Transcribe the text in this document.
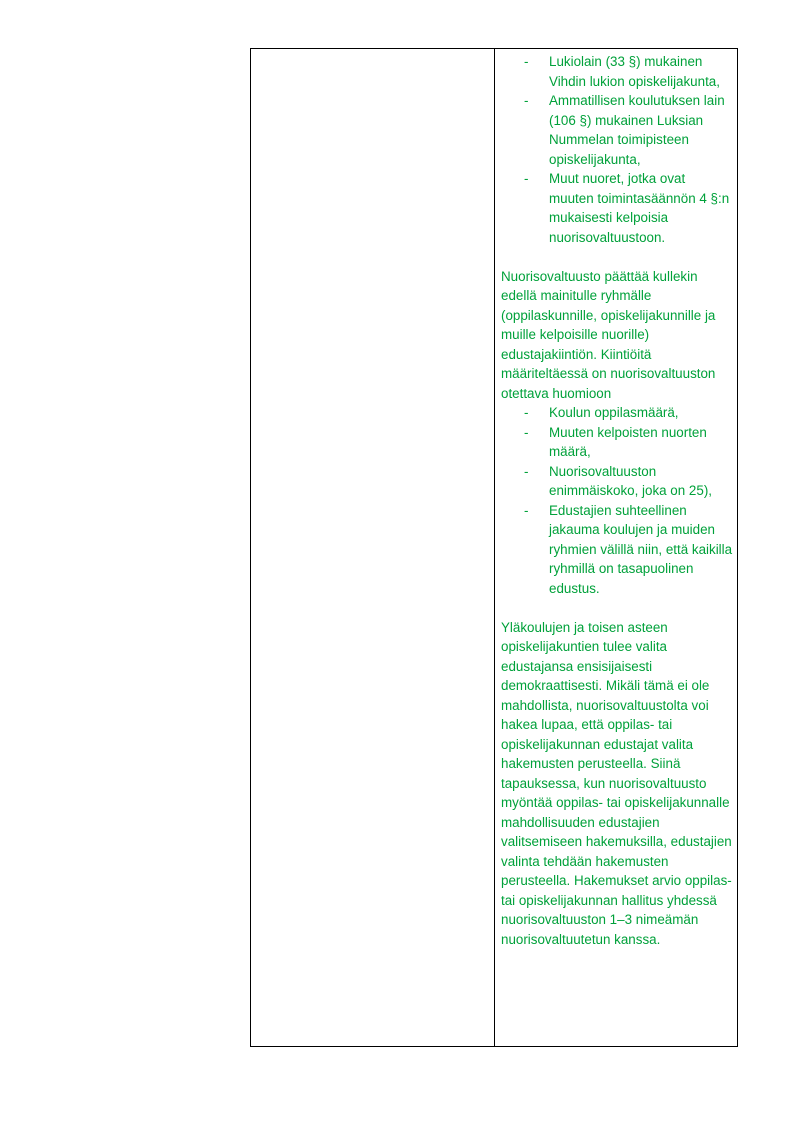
- Lukiolain (33 §) mukainen Vihdin lukion opiskelijakunta,
- Ammatillisen koulutuksen lain (106 §) mukainen Luksian Nummelan toimipisteen opiskelijakunta,
- Muut nuoret, jotka ovat muuten toimintasäännön 4 §:n mukaisesti kelpoisia nuorisovaltuustoon.

Nuorisovaltuusto päättää kullekin edellä mainitulle ryhmälle (oppilaskunnille, opiskelijakunnille ja muille kelpoisille nuorille) edustajakiintiön. Kiintiöitä määriteltäessä on nuorisovaltuuston otettava huomioon

- Koulun oppilasmäärä,
- Muuten kelpoisten nuorten määrä,
- Nuorisovaltuuston enimmäiskoko, joka on 25),
- Edustajien suhteellinen jakauma koulujen ja muiden ryhmien välillä niin, että kaikilla ryhmillä on tasapuolinen edustus.

Yläkoulujen ja toisen asteen opiskelijakuntien tulee valita edustajansa ensisijaisesti demokraattisesti. Mikäli tämä ei ole mahdollista, nuorisovaltuustolta voi hakea lupaa, että oppilas- tai opiskelijakunnan edustajat valita hakemusten perusteella. Siinä tapauksessa, kun nuorisovaltuusto myöntää oppilas- tai opiskelijakunnalle mahdollisuuden edustajien valitsemiseen hakemuksilla, edustajien valinta tehdään hakemusten perusteella. Hakemukset arvio oppilas- tai opiskelijakunnan hallitus yhdessä nuorisovaltuuston 1–3 nimeämän nuorisovaltuutetun kanssa.
